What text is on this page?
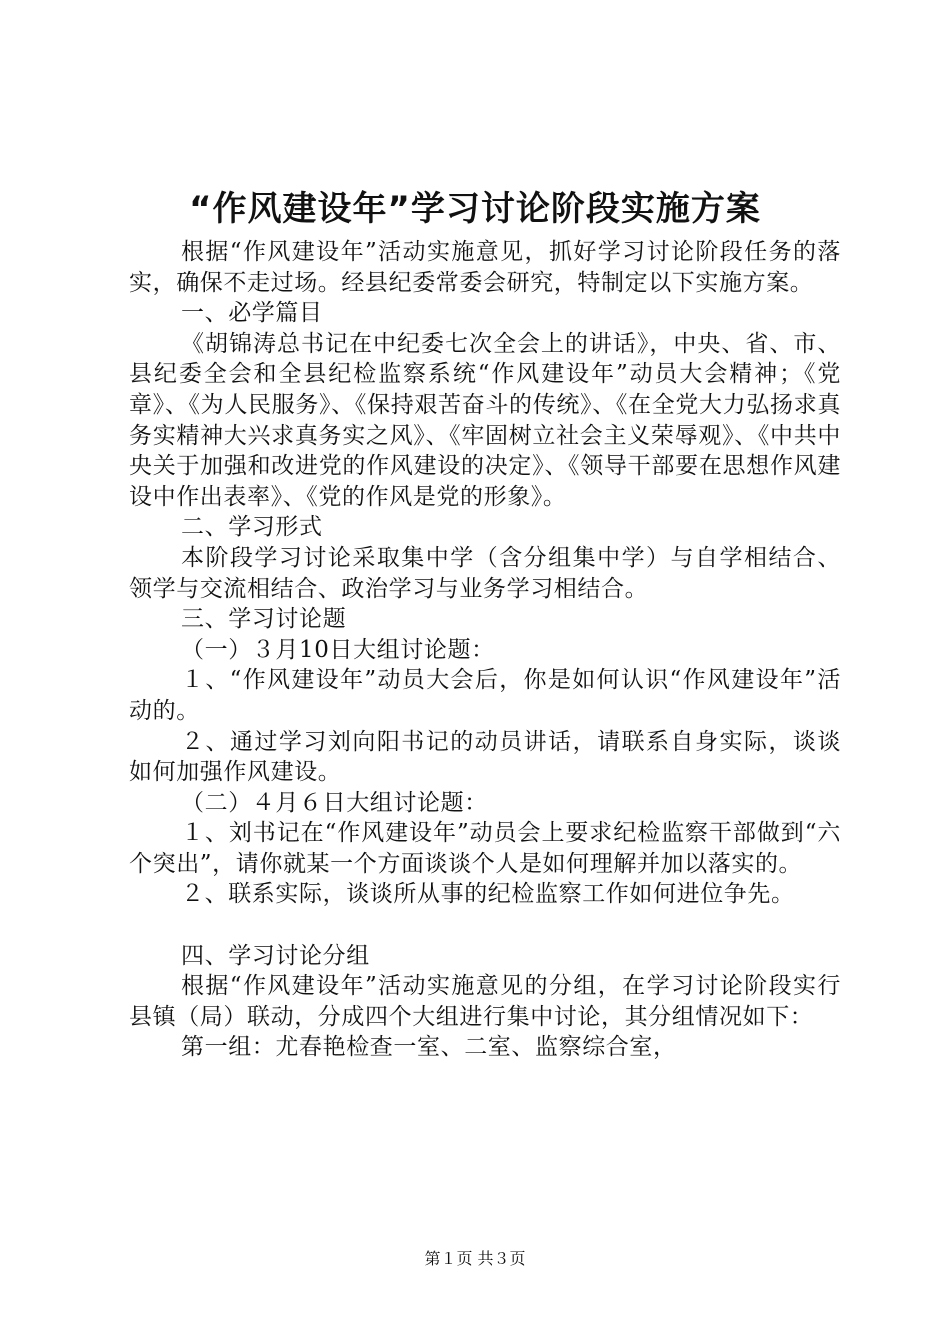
“作风建设年”学习讨论阶段实施方案

根据“作风建设年”活动实施意见，抓好学习讨论阶段任务的落实，确保不走过场。经县纪委常委会研究，特制定以下实施方案。

一、必学篇目

《胡锦涛总书记在中纪委七次全会上的讲话》，中央、省、市、县纪委全会和全县纪检监察系统“作风建设年”动员大会精神；《党章》、《为人民服务》、《保持艰苦奋斗的传统》、《在全党大力弘扬求真务实精神大兴求真务实之风》、《牢固树立社会主义荣辱观》、《中共中央关于加强和改进党的作风建设的决定》、《领导干部要在思想作风建设中作出表率》、《党的作风是党的形象》。

二、学习形式

本阶段学习讨论采取集中学（含分组集中学）与自学相结合、领学与交流相结合、政治学习与业务学习相结合。

三、学习讨论题

（一）３月10日大组讨论题：

１、“作风建设年”动员大会后，你是如何认识“作风建设年”活动的。

２、通过学习刘向阳书记的动员讲话，请联系自身实际，谈谈如何加强作风建设。

（二）４月６日大组讨论题：

１、刘书记在“作风建设年”动员会上要求纪检监察干部做到“六个突出”，请你就某一个方面谈谈个人是如何理解并加以落实的。

２、联系实际，谈谈所从事的纪检监察工作如何进位争先。

四、学习讨论分组

根据“作风建设年”活动实施意见的分组，在学习讨论阶段实行县镇（局）联动，分成四个大组进行集中讨论，其分组情况如下：

第一组：尤春艳检查一室、二室、监察综合室，

第１页 共３页
